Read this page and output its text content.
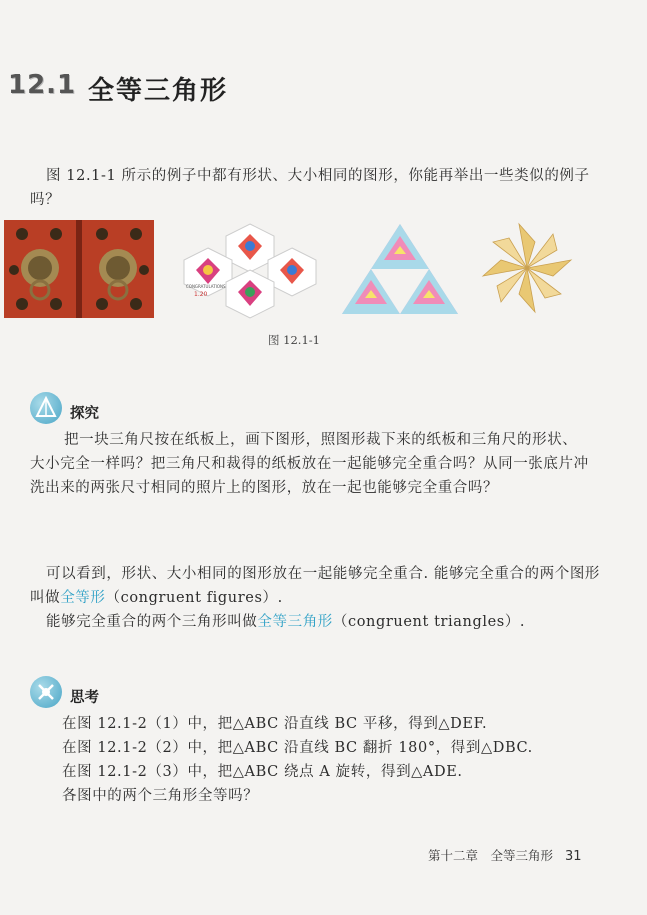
12.1 全等三角形
图 12.1-1 所示的例子中都有形状、大小相同的图形，你能再举出一些类似的例子吗？
CONGRATULATIONS
1.20
图 12.1-1
探究
把一块三角尺按在纸板上，画下图形，照图形裁下来的纸板和三角尺的形状、大小完全一样吗？把三角尺和裁得的纸板放在一起能够完全重合吗？从同一张底片冲洗出来的两张尺寸相同的照片上的图形，放在一起也能够完全重合吗？
可以看到，形状、大小相同的图形放在一起能够完全重合. 能够完全重合的两个图形叫做全等形（congruent figures）.
能够完全重合的两个三角形叫做全等三角形（congruent triangles）.
思考
在图 12.1-2（1）中，把△ABC 沿直线 BC 平移，得到△DEF.
在图 12.1-2（2）中，把△ABC 沿直线 BC 翻折 180°，得到△DBC.
在图 12.1-2（3）中，把△ABC 绕点 A 旋转，得到△ADE.
各图中的两个三角形全等吗？
第十二章　全等三角形 31
